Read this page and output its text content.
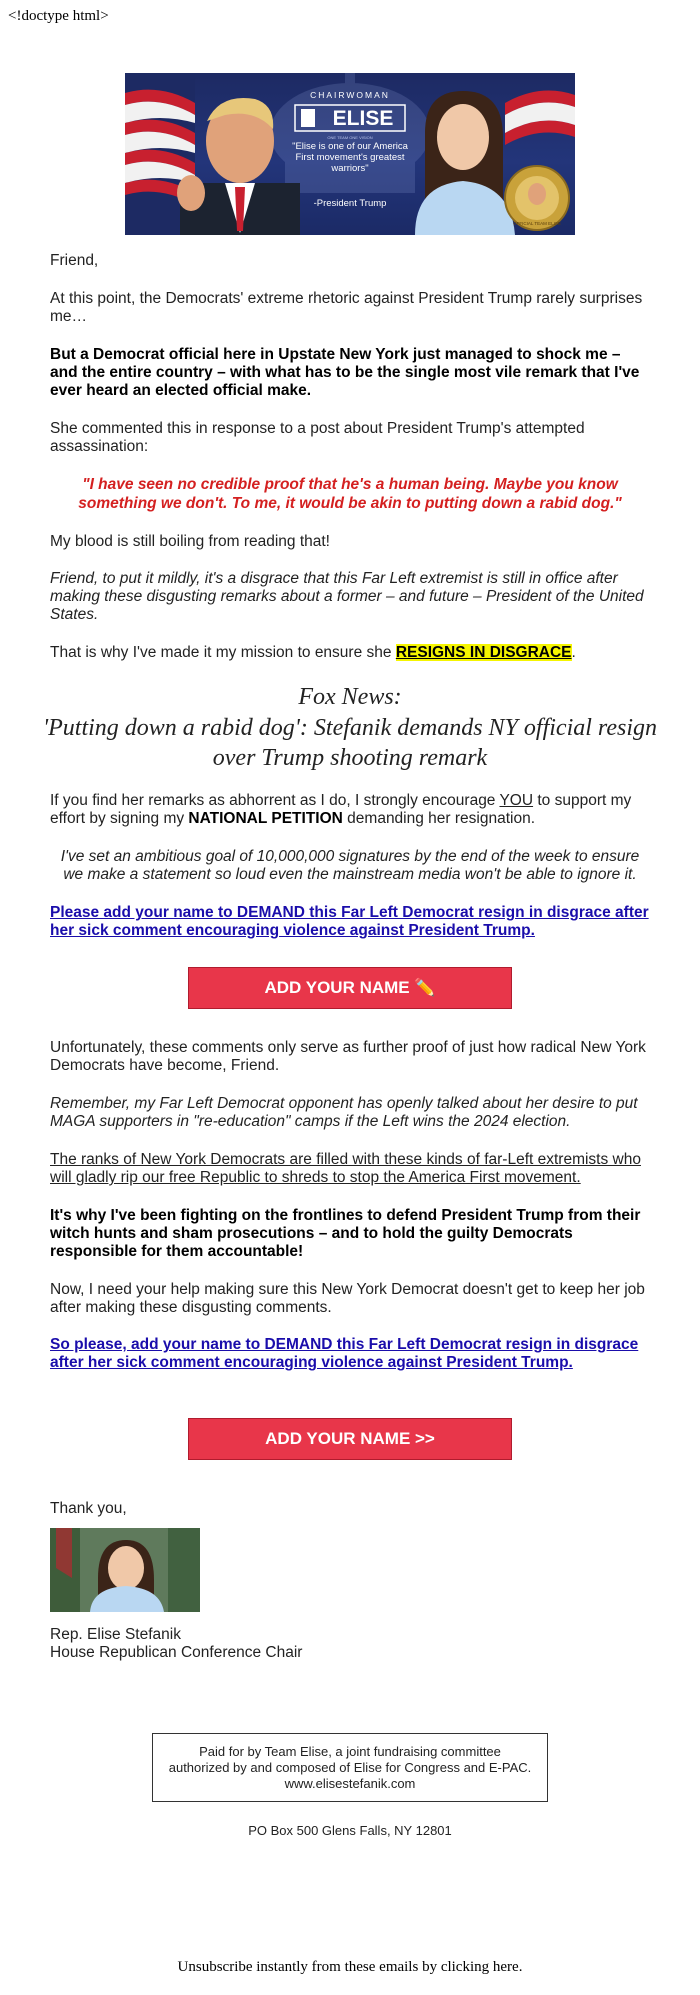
<!doctype html>
CHAIRWOMAN
ELISE
ONE TEAM ONE VISION
"Elise is one of our America First movement's greatest warriors"
-President Trump
OFFICIAL TEAM ELISE
Friend,
At this point, the Democrats' extreme rhetoric against President Trump rarely surprises me…
But a Democrat official here in Upstate New York just managed to shock me – and the entire country – with what has to be the single most vile remark that I've ever heard an elected official make.
She commented this in response to a post about President Trump's attempted assassination:
"I have seen no credible proof that he's a human being. Maybe you know something we don't. To me, it would be akin to putting down a rabid dog."
My blood is still boiling from reading that!
Friend, to put it mildly, it's a disgrace that this Far Left extremist is still in office after making these disgusting remarks about a former – and future – President of the United States.
That is why I've made it my mission to ensure she RESIGNS IN DISGRACE.
Fox News:
'Putting down a rabid dog': Stefanik demands NY official resign over Trump shooting remark
If you find her remarks as abhorrent as I do, I strongly encourage YOU to support my effort by signing my NATIONAL PETITION demanding her resignation.
I've set an ambitious goal of 10,000,000 signatures by the end of the week to ensure we make a statement so loud even the mainstream media won't be able to ignore it.
Please add your name to DEMAND this Far Left Democrat resign in disgrace after her sick comment encouraging violence against President Trump.
ADD YOUR NAME ✏️
Unfortunately, these comments only serve as further proof of just how radical New York Democrats have become, Friend.
Remember, my Far Left Democrat opponent has openly talked about her desire to put MAGA supporters in "re-education" camps if the Left wins the 2024 election.
The ranks of New York Democrats are filled with these kinds of far-Left extremists who will gladly rip our free Republic to shreds to stop the America First movement.
It's why I've been fighting on the frontlines to defend President Trump from their witch hunts and sham prosecutions – and to hold the guilty Democrats responsible for them accountable!
Now, I need your help making sure this New York Democrat doesn't get to keep her job after making these disgusting comments.
So please, add your name to DEMAND this Far Left Democrat resign in disgrace after her sick comment encouraging violence against President Trump.
ADD YOUR NAME >>
Thank you,
Rep. Elise Stefanik
House Republican Conference Chair
Paid for by Team Elise, a joint fundraising committee authorized by and composed of Elise for Congress and E-PAC. www.elisestefanik.com
PO Box 500 Glens Falls, NY 12801
Unsubscribe instantly from these emails by clicking here.
